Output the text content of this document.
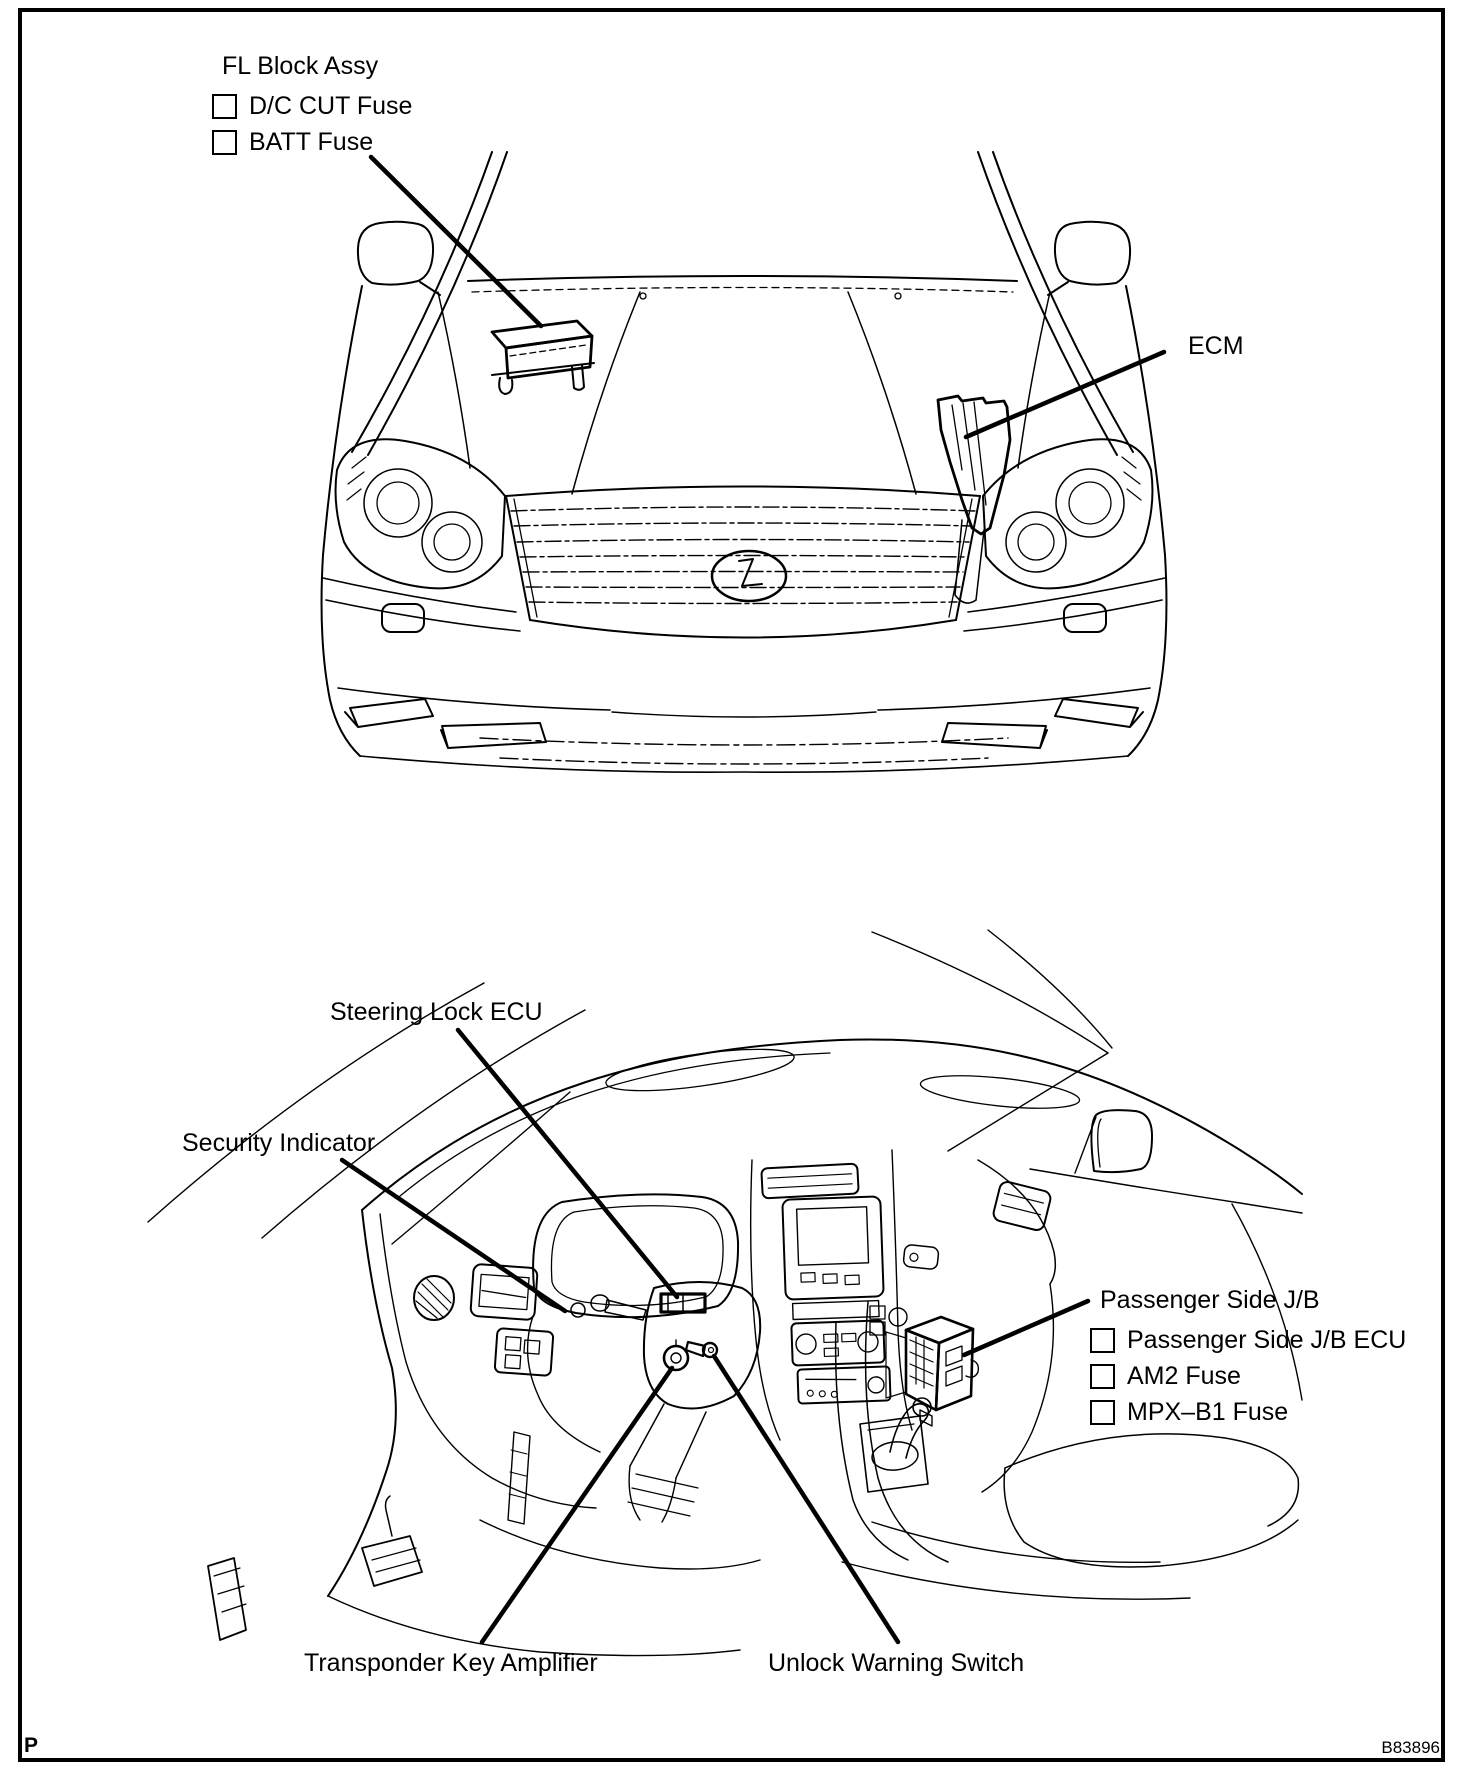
FL Block Assy
D/C CUT Fuse
BATT Fuse
ECM
Steering Lock ECU
Security Indicator
Passenger Side J/B
Passenger Side J/B ECU
AM2 Fuse
MPX–B1 Fuse
Transponder Key Amplifier	Unlock Warning Switch
P	B83896
